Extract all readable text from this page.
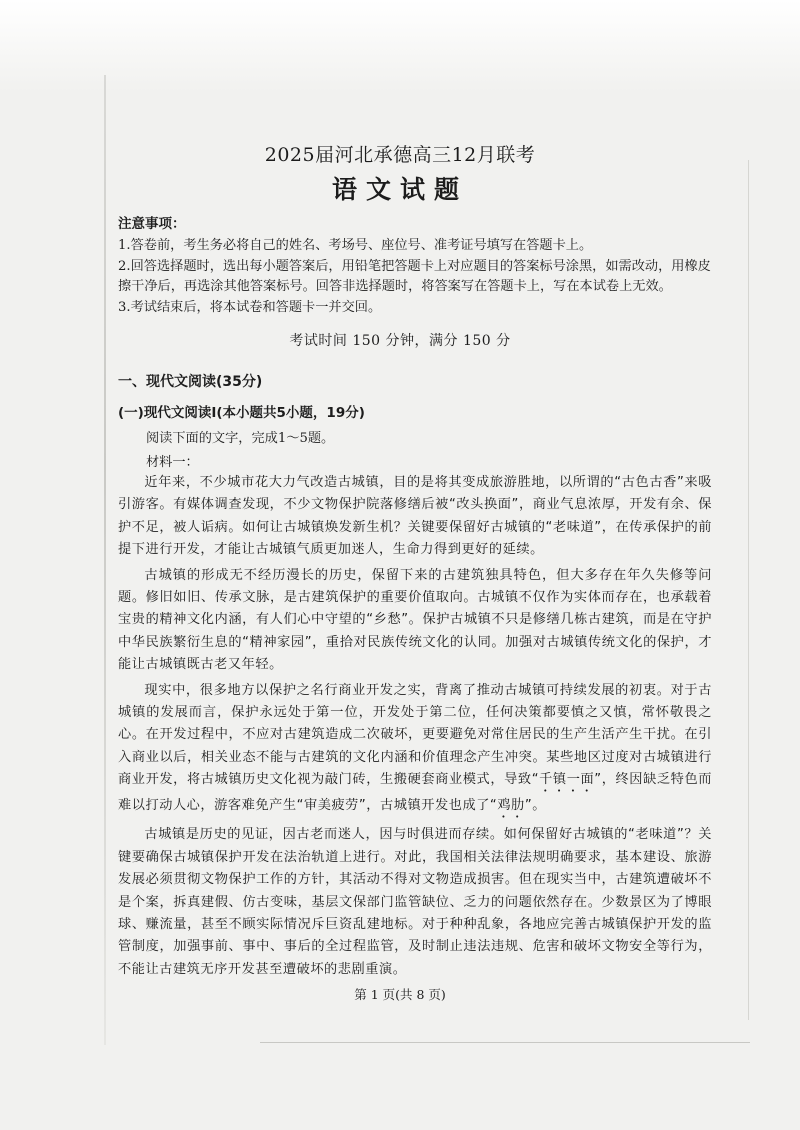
2025届河北承德高三12月联考
语文试题
注意事项：
1.答卷前，考生务必将自己的姓名、考场号、座位号、准考证号填写在答题卡上。
2.回答选择题时，选出每小题答案后，用铅笔把答题卡上对应题目的答案标号涂黑，如需改动，用橡皮
擦干净后，再选涂其他答案标号。回答非选择题时，将答案写在答题卡上，写在本试卷上无效。
3.考试结束后，将本试卷和答题卡一并交回。
考试时间 150 分钟，满分 150 分
一、现代文阅读(35分)
(一)现代文阅读Ⅰ(本小题共5小题，19分)
阅读下面的文字，完成1～5题。
材料一：

近年来，不少城市花大力气改造古城镇，目的是将其变成旅游胜地，以所谓的“古色古香”来吸引游客。有媒体调查发现，不少文物保护院落修缮后被“改头换面”，商业气息浓厚，开发有余、保护不足，被人诟病。如何让古城镇焕发新生机？关键要保留好古城镇的“老味道”，在传承保护的前提下进行开发，才能让古城镇气质更加迷人，生命力得到更好的延续。

古城镇的形成无不经历漫长的历史，保留下来的古建筑独具特色，但大多存在年久失修等问题。修旧如旧、传承文脉，是古建筑保护的重要价值取向。古城镇不仅作为实体而存在，也承载着宝贵的精神文化内涵，有人们心中守望的“乡愁”。保护古城镇不只是修缮几栋古建筑，而是在守护中华民族繁衍生息的“精神家园”，重拾对民族传统文化的认同。加强对古城镇传统文化的保护，才能让古城镇既古老又年轻。

现实中，很多地方以保护之名行商业开发之实，背离了推动古城镇可持续发展的初衷。对于古城镇的发展而言，保护永远处于第一位，开发处于第二位，任何决策都要慎之又慎，常怀敬畏之心。在开发过程中，不应对古建筑造成二次破坏，更要避免对常住居民的生产生活产生干扰。在引入商业以后，相关业态不能与古建筑的文化内涵和价值理念产生冲突。某些地区过度对古城镇进行商业开发，将古城镇历史文化视为敲门砖，生搬硬套商业模式，导致“千镇一面”，终因缺乏特色而难以打动人心，游客难免产生“审美疲劳”，古城镇开发也成了“鸡肋”。

古城镇是历史的见证，因古老而迷人，因与时俱进而存续。如何保留好古城镇的“老味道”？关键要确保古城镇保护开发在法治轨道上进行。对此，我国相关法律法规明确要求，基本建设、旅游发展必须贯彻文物保护工作的方针，其活动不得对文物造成损害。但在现实当中，古建筑遭破坏不是个案，拆真建假、仿古变味，基层文保部门监管缺位、乏力的问题依然存在。少数景区为了博眼球、赚流量，甚至不顾实际情况斥巨资乱建地标。对于种种乱象，各地应完善古城镇保护开发的监管制度，加强事前、事中、事后的全过程监管，及时制止违法违规、危害和破坏文物安全等行为，不能让古建筑无序开发甚至遭破坏的悲剧重演。

第 1 页(共 8 页)
